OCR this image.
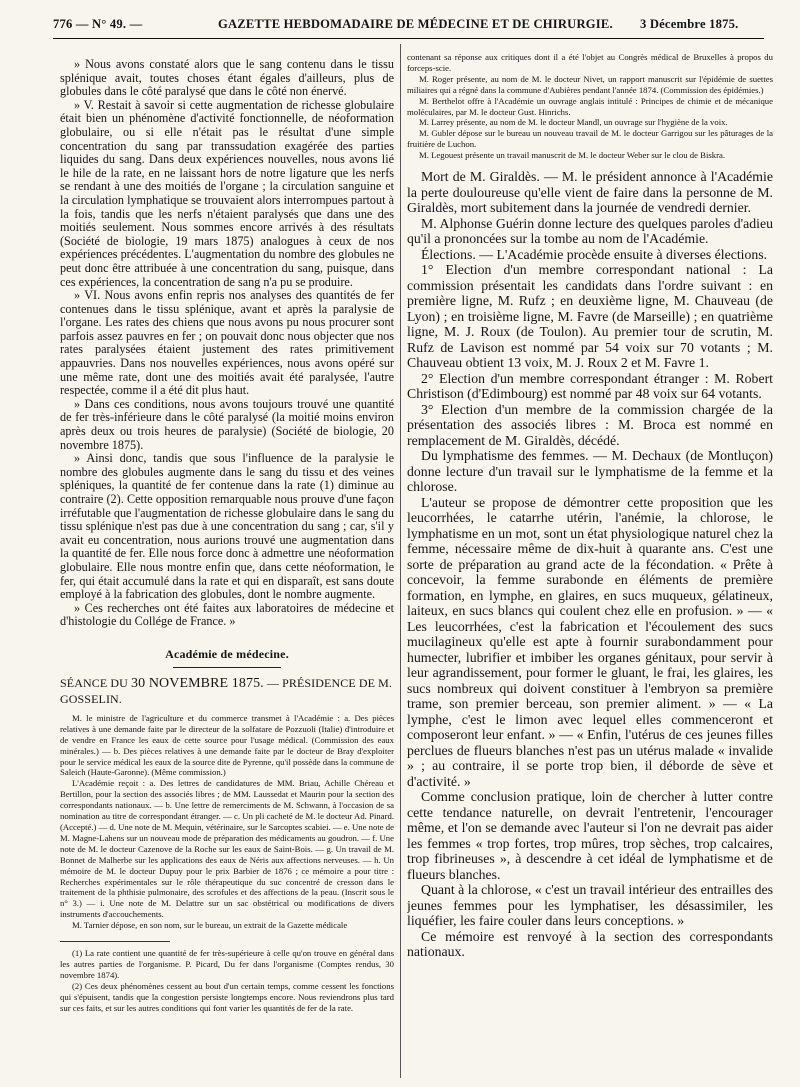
776 — N° 49. —	GAZETTE HEBDOMADAIRE DE MÉDECINE ET DE CHIRURGIE. 3 Décembre 1875.

» Nous avons constaté alors que le sang contenu dans le tissu splénique avait, toutes choses étant égales d'ailleurs, plus de globules dans le côté paralysé que dans le côté non énervé.

» V. Restait à savoir si cette augmentation de richesse globulaire était bien un phénomène d'activité fonctionnelle, de néoformation globulaire, ou si elle n'était pas le résultat d'une simple concentration du sang par transsudation exagérée des parties liquides du sang. Dans deux expériences nouvelles, nous avons lié le hile de la rate, en ne laissant hors de notre ligature que les nerfs se rendant à une des moitiés de l'organe ; la circulation sanguine et la circulation lymphatique se trouvaient alors interrompues partout à la fois, tandis que les nerfs n'étaient paralysés que dans une des moitiés seulement. Nous sommes encore arrivés à des résultats (Société de biologie, 19 mars 1875) analogues à ceux de nos expériences précédentes. L'augmentation du nombre des globules ne peut donc être attribuée à une concentration du sang, puisque, dans ces expériences, la concentration de sang n'a pu se produire.

» VI. Nous avons enfin repris nos analyses des quantités de fer contenues dans le tissu splénique, avant et après la paralysie de l'organe. Les rates des chiens que nous avons pu nous procurer sont parfois assez pauvres en fer ; on pouvait donc nous objecter que nos rates paralysées étaient justement des rates primitivement appauvries. Dans nos nouvelles expériences, nous avons opéré sur une même rate, dont une des moitiés avait été paralysée, l'autre respectée, comme il a été dit plus haut.

» Dans ces conditions, nous avons toujours trouvé une quantité de fer très-inférieure dans le côté paralysé (la moitié moins environ après deux ou trois heures de paralysie) (Société de biologie, 20 novembre 1875).

» Ainsi donc, tandis que sous l'influence de la paralysie le nombre des globules augmente dans le sang du tissu et des veines spléniques, la quantité de fer contenue dans la rate (1) diminue au contraire (2). Cette opposition remarquable nous prouve d'une façon irréfutable que l'augmentation de richesse globulaire dans le sang du tissu splénique n'est pas due à une concentration du sang ; car, s'il y avait eu concentration, nous aurions trouvé une augmentation dans la quantité de fer. Elle nous force donc à admettre une néoformation globulaire. Elle nous montre enfin que, dans cette néoformation, le fer, qui était accumulé dans la rate et qui en disparaît, est sans doute employé à la fabrication des globules, dont le nombre augmente.

» Ces recherches ont été faites aux laboratoires de médecine et d'histologie du Collége de France. »

Académie de médecine.

SÉANCE DU 30 NOVEMBRE 1875. — PRÉSIDENCE DE M. GOSSELIN.

M. le ministre de l'agriculture et du commerce transmet à l'Académie : a. Des pièces relatives à une demande faite par le directeur de la solfatare de Pozzuoli (Italie) d'introduire et de vendre en France les eaux de cette source pour l'usage médical. (Commission des eaux minérales.) — b. Des pièces relatives à une demande faite par le docteur de Bray d'exploiter pour le service médical les eaux de la source dite de Pyrenne, qu'il possède dans la commune de Saleich (Haute-Garonne). (Même commission.)

L'Académie reçoit : a. Des lettres de candidatures de MM. Briau, Achille Chéreau et Bertillon, pour la section des associés libres ; de MM. Laussedat et Maurin pour la section des correspondants nationaux. — b. Une lettre de remerciments de M. Schwann, à l'occasion de sa nomination au titre de correspondant étranger. — c. Un pli cacheté de M. le docteur Ad. Pinard. (Accepté.) — d. Une note de M. Mequin, vétérinaire, sur le Sarcoptes scabiei. — e. Une note de M. Magne-Lahens sur un nouveau mode de préparation des médicaments au goudron. — f. Une note de M. le docteur Cazenove de la Roche sur les eaux de Saint-Bois. — g. Un travail de M. Bonnet de Malherbe sur les applications des eaux de Néris aux affections nerveuses. — h. Un mémoire de M. le docteur Dupuy pour le prix Barbier de 1876 ; ce mémoire a pour titre : Recherches expérimentales sur le rôle thérapeutique du suc concentré de cresson dans le traitement de la phthisie pulmonaire, des scrofules et des affections de la peau. (Inscrit sous le n° 3.) — i. Une note de M. Delattre sur un sac obstétrical ou modifications de divers instruments d'accouchements.

M. Tarnier dépose, en son nom, sur le bureau, un extrait de la Gazette médicale

(1) La rate contient une quantité de fer très-supérieure à celle qu'on trouve en général dans les autres parties de l'organisme. P. Picard, Du fer dans l'organisme (Comptes rendus, 30 novembre 1874).

(2) Ces deux phénomènes cessent au bout d'un certain temps, comme cessent les fonctions qui s'épuisent, tandis que la congestion persiste longtemps encore. Nous reviendrons plus tard sur ces faits, et sur les autres conditions qui font varier les quantités de fer de la rate.

contenant sa réponse aux critiques dont il a été l'objet au Congrès médical de Bruxelles à propos du forceps-scie.

M. Roger présente, au nom de M. le docteur Nivet, un rapport manuscrit sur l'épidémie de suettes miliaires qui a régné dans la commune d'Aubières pendant l'année 1874. (Commission des épidémies.)

M. Berthelot offre à l'Académie un ouvrage anglais intitulé : Principes de chimie et de mécanique moléculaires, par M. le docteur Gust. Hinrichs.

M. Larrey présente, au nom de M. le docteur Mandl, un ouvrage sur l'hygiène de la voix.

M. Gubler dépose sur le bureau un nouveau travail de M. le docteur Garrigou sur les pâturages de la fruitière de Luchon.

M. Legouest présente un travail manuscrit de M. le docteur Weber sur le clou de Biskra.

Mort de M. Giraldès. — M. le président annonce à l'Académie la perte douloureuse qu'elle vient de faire dans la personne de M. Giraldès, mort subitement dans la journée de vendredi dernier.

M. Alphonse Guérin donne lecture des quelques paroles d'adieu qu'il a prononcées sur la tombe au nom de l'Académie.

Élections. — L'Académie procède ensuite à diverses élections.

1° Election d'un membre correspondant national : La commission présentait les candidats dans l'ordre suivant : en première ligne, M. Rufz ; en deuxième ligne, M. Chauveau (de Lyon) ; en troisième ligne, M. Favre (de Marseille) ; en quatrième ligne, M. J. Roux (de Toulon). Au premier tour de scrutin, M. Rufz de Lavison est nommé par 54 voix sur 70 votants ; M. Chauveau obtient 13 voix, M. J. Roux 2 et M. Favre 1.

2° Election d'un membre correspondant étranger : M. Robert Christison (d'Edimbourg) est nommé par 48 voix sur 64 votants.

3° Election d'un membre de la commission chargée de la présentation des associés libres : M. Broca est nommé en remplacement de M. Giraldès, décédé.

Du lymphatisme des femmes. — M. Dechaux (de Montluçon) donne lecture d'un travail sur le lymphatisme de la femme et la chlorose.

L'auteur se propose de démontrer cette proposition que les leucorrhées, le catarrhe utérin, l'anémie, la chlorose, le lymphatisme en un mot, sont un état physiologique naturel chez la femme, nécessaire même de dix-huit à quarante ans. C'est une sorte de préparation au grand acte de la fécondation. « Prête à concevoir, la femme surabonde en éléments de première formation, en lymphe, en glaires, en sucs muqueux, gélatineux, laiteux, en sucs blancs qui coulent chez elle en profusion. » — « Les leucorrhées, c'est la fabrication et l'écoulement des sucs mucilagineux qu'elle est apte à fournir surabondamment pour humecter, lubrifier et imbiber les organes génitaux, pour servir à leur agrandissement, pour former le gluant, le frai, les glaires, les sucs nombreux qui doivent constituer à l'embryon sa première trame, son premier berceau, son premier aliment. » — « La lymphe, c'est le limon avec lequel elles commenceront et composeront leur enfant. » — « Enfin, l'utérus de ces jeunes filles perclues de flueurs blanches n'est pas un utérus malade « invalide » ; au contraire, il se porte trop bien, il déborde de sève et d'activité. »

Comme conclusion pratique, loin de chercher à lutter contre cette tendance naturelle, on devrait l'entretenir, l'encourager même, et l'on se demande avec l'auteur si l'on ne devrait pas aider les femmes « trop fortes, trop mûres, trop sèches, trop calcaires, trop fibrineuses », à descendre à cet idéal de lymphatisme et de flueurs blanches.

Quant à la chlorose, « c'est un travail intérieur des entrailles des jeunes femmes pour les lymphatiser, les désassimiler, les liquéfier, les faire couler dans leurs conceptions. »

Ce mémoire est renvoyé à la section des correspondants nationaux.
